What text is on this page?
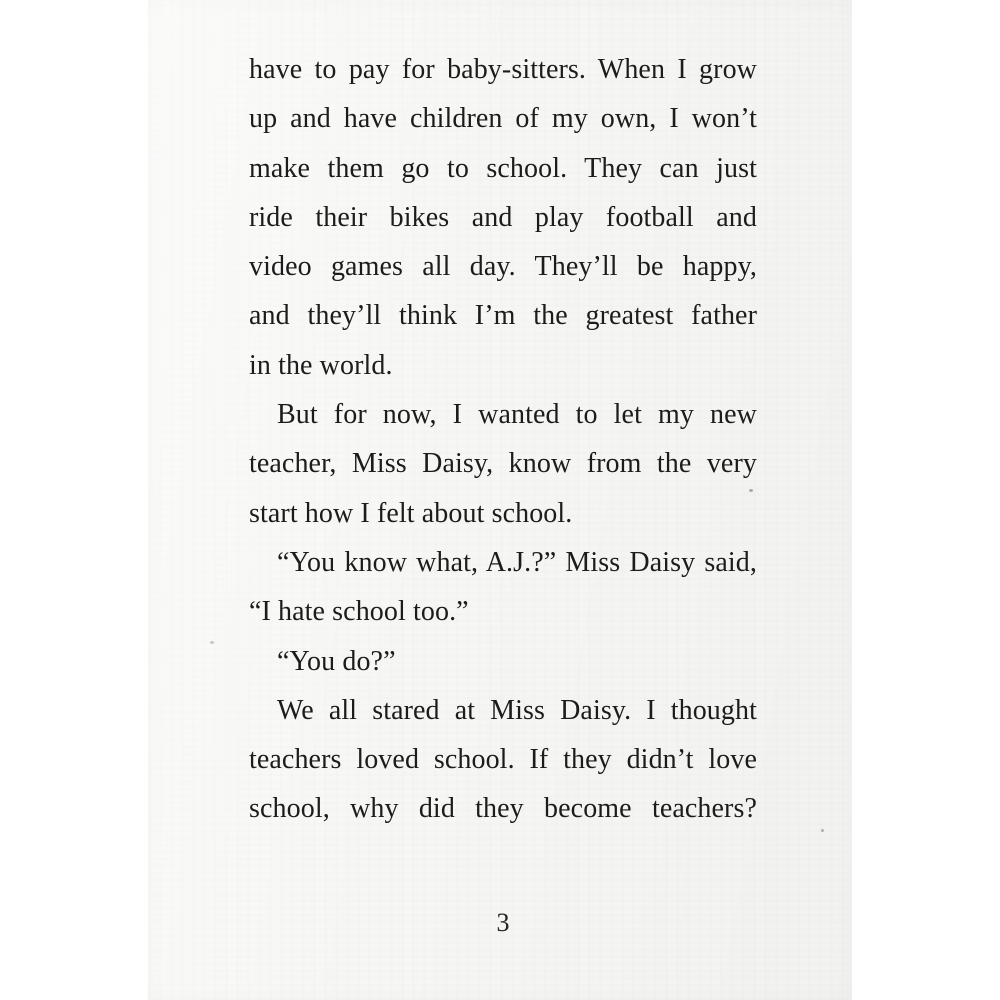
have to pay for baby-sitters. When I grow
up and have children of my own, I won’t
make them go to school. They can just
ride their bikes and play football and
video games all day. They’ll be happy,
and they’ll think I’m the greatest father
in the world.
But for now, I wanted to let my new
teacher, Miss Daisy, know from the very
start how I felt about school.
“You know what, A.J.?” Miss Daisy said,
“I hate school too.”
“You do?”
We all stared at Miss Daisy. I thought
teachers loved school. If they didn’t love
school, why did they become teachers?
3
